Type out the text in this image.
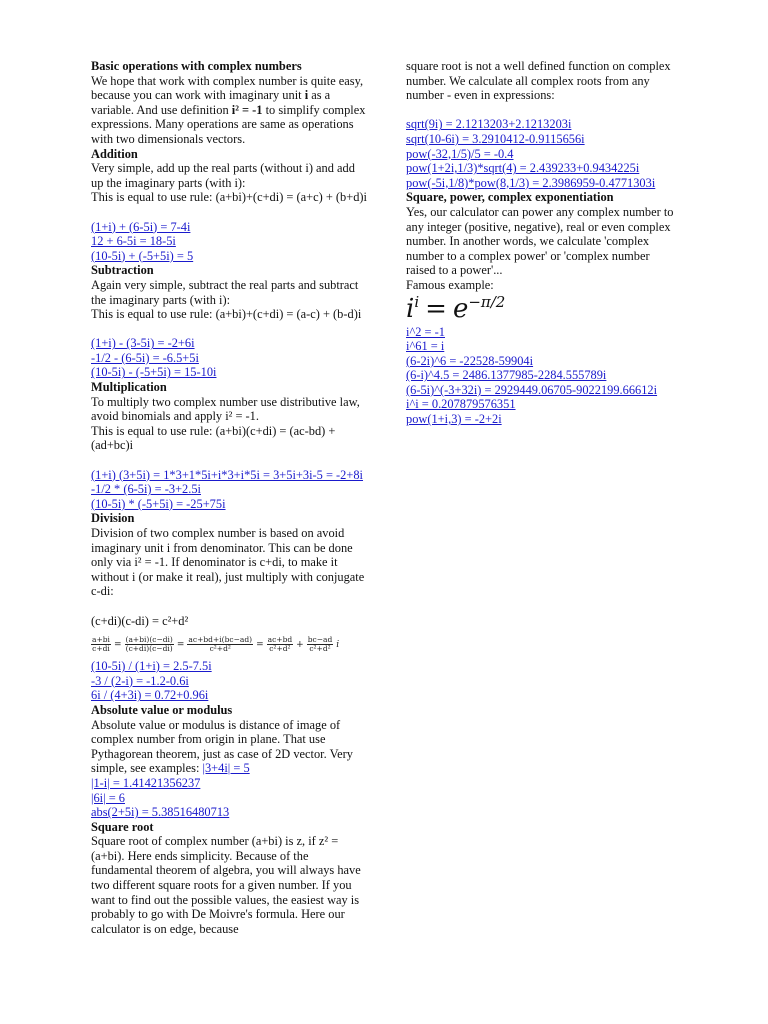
Basic operations with complex numbers

We hope that work with complex number is quite easy, because you can work with imaginary unit i as a variable. And use definition i² = -1 to simplify complex expressions. Many operations are same as operations with two dimensionals vectors.

Addition

Very simple, add up the real parts (without i) and add up the imaginary parts (with i):

This is equal to use rule: (a+bi)+(c+di) = (a+c) + (b+d)i

(1+i) + (6-5i) = 7-4i
12 + 6-5i = 18-5i
(10-5i) + (-5+5i) = 5
Subtraction

Again very simple, subtract the real parts and subtract the imaginary parts (with i):

This is equal to use rule: (a+bi)+(c+di) = (a-c) + (b-d)i

(1+i) - (3-5i) = -2+6i
-1/2 - (6-5i) = -6.5+5i
(10-5i) - (-5+5i) = 15-10i
Multiplication

To multiply two complex number use distributive law, avoid binomials and apply i² = -1.

This is equal to use rule: (a+bi)(c+di) = (ac-bd) + (ad+bc)i

(1+i) (3+5i) = 1*3+1*5i+i*3+i*5i = 3+5i+3i-5 = -2+8i
-1/2 * (6-5i) = -3+2.5i
(10-5i) * (-5+5i) = -25+75i
Division

Division of two complex number is based on avoid imaginary unit i from denominator. This can be done only via i² = -1. If denominator is c+di, to make it without i (or make it real), just multiply with conjugate c-di:

(c+di)(c-di) = c²+d²

$\frac{a+bi}{c+di} = \frac{(a+bi)(c-di)}{(c+di)(c-di)} = \frac{ac+bd+i(bc-ad)}{\text{c²+d²}} = \frac{ac+bd}{\text{c²+d²}} + \frac{bc-ad}{\text{c²+d²}}$ i
(10-5i) / (1+i) = 2.5-7.5i
-3 / (2-i) = -1.2-0.6i
6i / (4+3i) = 0.72+0.96i
Absolute value or modulus

Absolute value or modulus is distance of image of complex number from origin in plane. That use Pythagorean theorem, just as case of 2D vector. Very simple, see examples: |3+4i| = 5

|1-i| = 1.41421356237
|6i| = 6
abs(2+5i) = 5.38516480713
Square root

Square root of complex number (a+bi) is z, if z² = (a+bi). Here ends simplicity. Because of the fundamental theorem of algebra, you will always have two different square roots for a given number. If you want to find out the possible values, the easiest way is probably to go with De Moivre's formula. Here our calculator is on edge, because

square root is not a well defined function on complex number. We calculate all complex roots from any number - even in expressions:

sqrt(9i) = 2.1213203+2.1213203i
sqrt(10-6i) = 3.2910412-0.9115656i
pow(-32,1/5)/5 = -0.4
pow(1+2i,1/3)*sqrt(4) = 2.439233+0.9434225i
pow(-5i,1/8)*pow(8,1/3) = 2.3986959-0.4771303i
Square, power, complex exponentiation

Yes, our calculator can power any complex number to any integer (positive, negative), real or even complex number. In another words, we calculate 'complex number to a complex power' or 'complex number raised to a power'...

Famous example:

$i^i = e^{-\pi/2}$
i^2 = -1
i^61 = i
(6-2i)^6 = -22528-59904i
(6-i)^4.5 = 2486.1377985-2284.555789i
(6-5i)^(-3+32i) = 2929449.06705-9022199.66612i
i^i = 0.207879576351
pow(1+i,3) = -2+2i
